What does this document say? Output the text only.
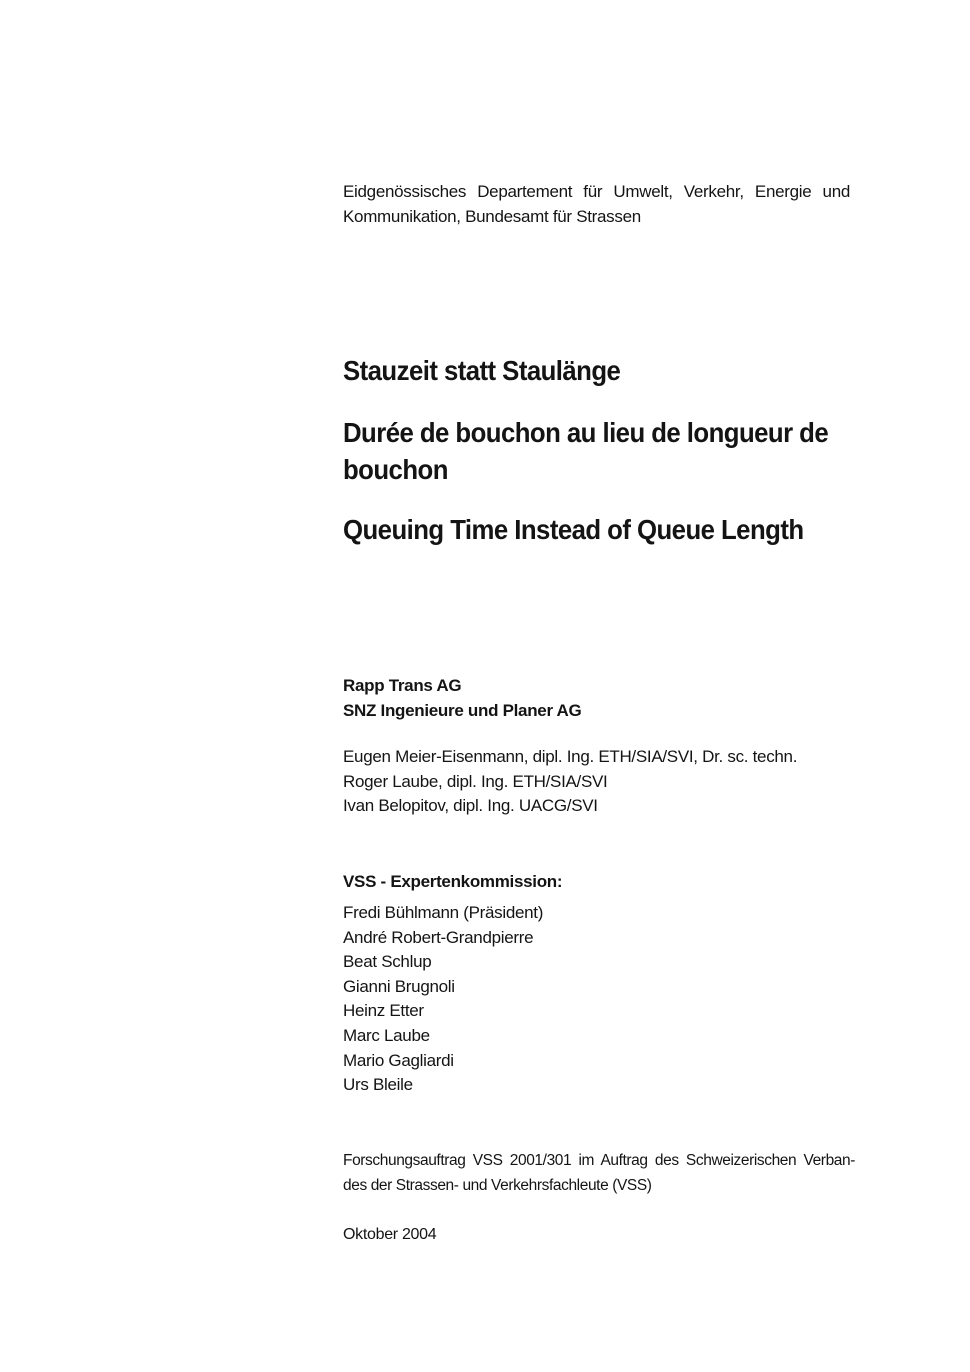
Eidgenössisches Departement für Umwelt, Verkehr, Energie und Kommunikation, Bundesamt für Strassen

Stauzeit statt Staulänge
Durée de bouchon au lieu de longueur de bouchon
Queuing Time Instead of Queue Length
Rapp Trans AG
SNZ Ingenieure und Planer AG
Eugen Meier-Eisenmann, dipl. Ing. ETH/SIA/SVI, Dr. sc. techn.
Roger Laube, dipl. Ing. ETH/SIA/SVI
Ivan Belopitov, dipl. Ing. UACG/SVI
VSS - Expertenkommission:
Fredi Bühlmann (Präsident)
André Robert-Grandpierre
Beat Schlup
Gianni Brugnoli
Heinz Etter
Marc Laube
Mario Gagliardi
Urs Bleile

Forschungsauftrag VSS 2001/301 im Auftrag des Schweizerischen Verban-des der Strassen- und Verkehrsfachleute (VSS)

Oktober 2004
